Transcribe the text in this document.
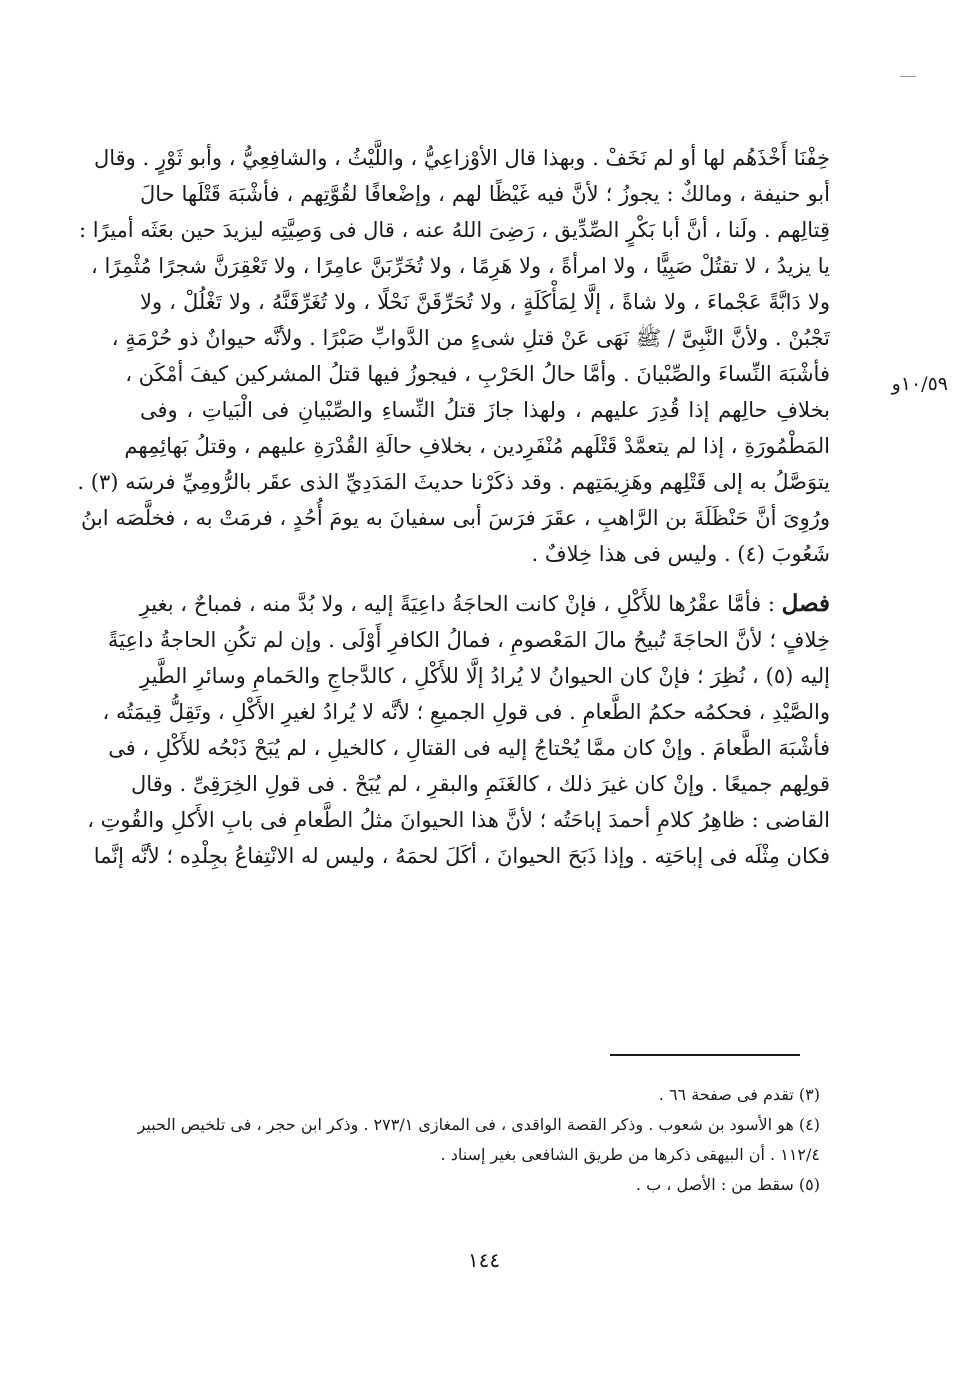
١٠/٥٩و
خِفْنَا أَخْذَهُم لها أو لم نَخَفْ . وبهذا قال الأوْزاعِيُّ ، واللَّيْثُ ، والشافِعِيُّ ، وأبو ثَوْرٍ . وقال
أبو حنيفة ، ومالكٌ : يجوزُ ؛ لأنَّ فيه غَيْظًا لهم ، وإضْعافًا لقُوَّتِهم ، فأشْبَهَ قَتْلَها حالَ
قِتالِهم . ولَنا ، أنَّ أبا بَكْرٍ الصِّدِّيق ، رَضِىَ اللهُ عنه ، قال فى وَصِيَّتِه ليزيدَ حين بعَثَه أميرًا :
يا يزيدُ ، لا تقتُلْ صَبِيًّا ، ولا امرأةً ، ولا هَرِمًا ، ولا تُخَرِّبَنَّ عامِرًا ، ولا تَعْقِرَنَّ شجرًا مُثْمِرًا ،
ولا دَابَّةً عَجْماءَ ، ولا شاةً ، إلَّا لِمَأْكَلَةٍ ، ولا تُحَرِّقَنَّ نَحْلًا ، ولا تُغَرِّقَنَّهُ ، ولا تَغْلُلْ ، ولا
تَجْبُنْ . ولأنَّ النَّبِىَّ / ﷺ نَهَى عَنْ قتلِ شىءٍ من الدَّوابِّ صَبْرًا . ولأنَّه حيوانٌ ذو حُرْمَةٍ ،
فأشْبَهَ النِّساءَ والصِّبْيانَ . وأمَّا حالُ الحَرْبِ ، فيجوزُ فيها قتلُ المشركين كيفَ أمْكَن ،
بخلافِ حالِهم إذا قُدِرَ عليهم ، ولهذا جازَ قتلُ النِّساءِ والصِّبْيانِ فى الْبَياتِ ، وفى
المَطْمُورَةِ ، إذا لم يتعمَّدْ قَتْلَهم مُنْفَرِدين ، بخلافِ حالَةِ القُدْرَةِ عليهم ، وقتلُ بَهائِمِهم
يتوَصَّلُ به إلى قَتْلِهم وهَزِيمَتِهم . وقد ذكَرْنا حديثَ المَدَدِيِّ الذى عقَر بالرُّومِيِّ فرسَه (٣) .
ورُوِىَ أنَّ حَنْظَلَةَ بن الرَّاهبِ ، عقَرَ فرَسَ أبى سفيانَ به يومَ أُحُدٍ ، فرمَتْ به ، فخلَّصَه ابنُ
شَعُوبَ (٤) . وليس فى هذا خِلافٌ .
فصل : فأمَّا عقْرُها للأَكْلِ ، فإنْ كانت الحاجَةُ داعِيَةً إليه ، ولا بُدَّ منه ، فمباحٌ ، بغيرِ
خِلافٍ ؛ لأنَّ الحاجَةَ تُبيحُ مالَ المَعْصومِ ، فمالُ الكافرِ أَوْلَى . وإن لم تكُنِ الحاجةُ داعِيَةً
إليه (٥) ، نُظِرَ ؛ فإنْ كان الحيوانُ لا يُرادُ إلَّا للأَكْلِ ، كالدَّجاجِ والحَمامِ وسائرِ الطَّيرِ
والصَّيْدِ ، فحكمُه حكمُ الطَّعامِ . فى قولِ الجميعِ ؛ لأنَّه لا يُرادُ لغيرِ الأَكْلِ ، وتَقِلُّ قِيمَتُه ،
فأشْبَهَ الطَّعامَ . وإنْ كان ممَّا يُحْتاجُ إليه فى القتالِ ، كالخيلِ ، لم يُبَحْ ذَبْحُه للأَكْلِ ، فى
قولِهم جميعًا . وإنْ كان غيرَ ذلك ، كالغَنَمِ والبقرِ ، لم يُبَحْ . فى قولِ الخِرَقِىِّ . وقال
القاضى : ظاهِرُ كلامِ أحمدَ إباحَتُه ؛ لأنَّ هذا الحيوانَ مثلُ الطَّعامِ فى بابِ الأَكلِ والقُوتِ ،
فكان مِثْلَه فى إباحَتِه . وإذا ذَبَحَ الحيوانَ ، أكَلَ لحمَهُ ، وليس له الانْتِفاعُ بجِلْدِه ؛ لأنَّه إنَّما
(٣) تقدم فى صفحة ٦٦ .
(٤) هو الأسود بن شعوب . وذكر القصة الواقدى ، فى المغازى ٢٧٣/١ . وذكر ابن حجر ، فى تلخيص الحبير
١١٢/٤ . أن البيهقى ذكرها من طريق الشافعى بغير إسناد .
(٥) سقط من : الأصل ، ب .
١٤٤
